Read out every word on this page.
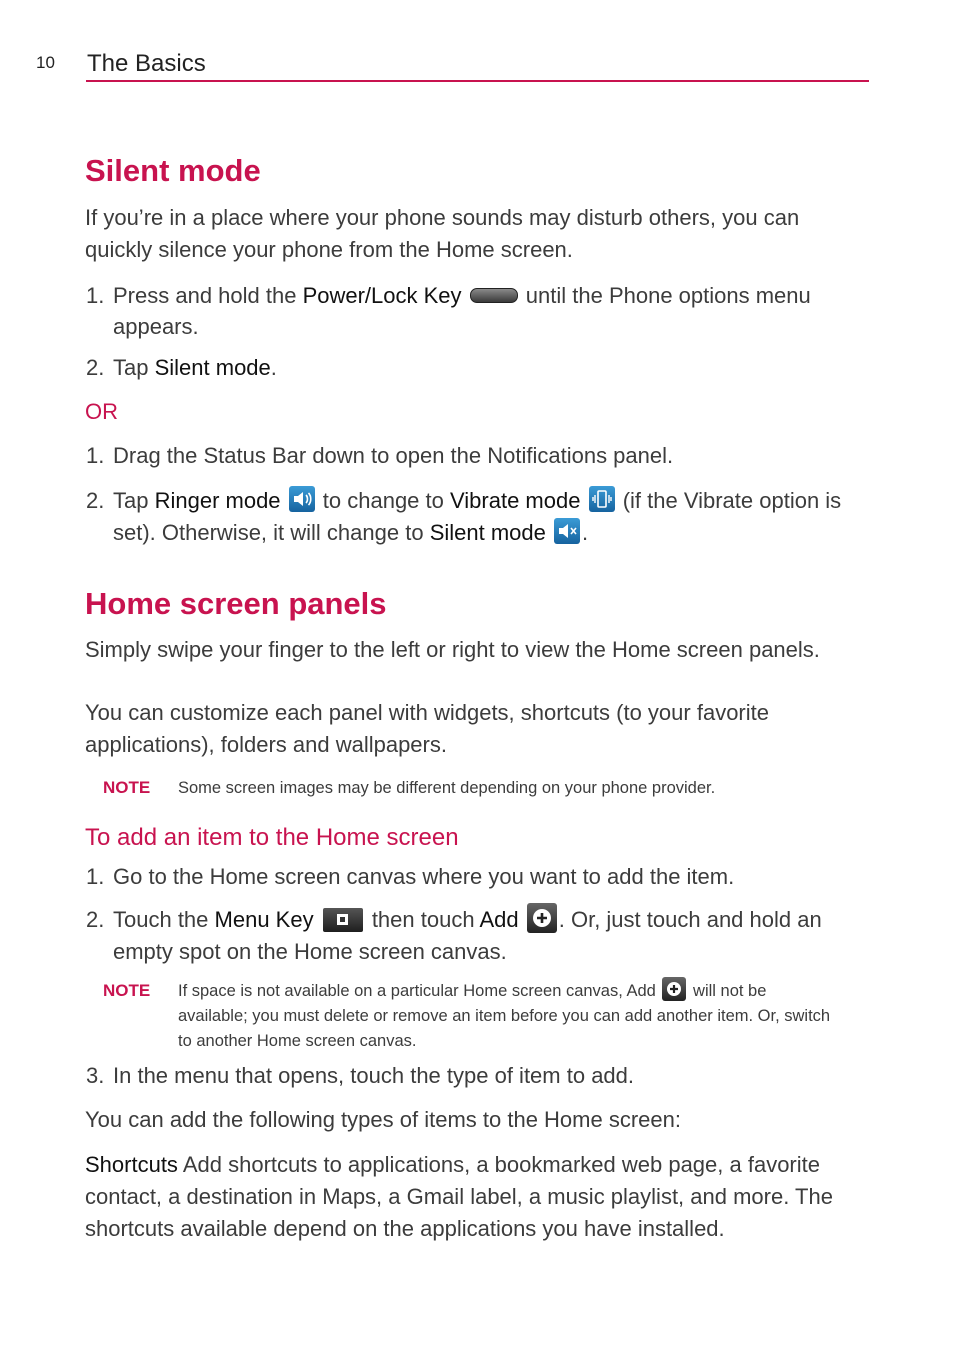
10 The Basics
Silent mode

If you’re in a place where your phone sounds may disturb others, you can quickly silence your phone from the Home screen.

1. Press and hold the Power/Lock Key	until the Phone options menu appears.
2. Tap Silent mode.
OR
1. Drag the Status Bar down to open the Notifications panel.
2. Tap Ringer mode
to change to Vibrate mode
(if the Vibrate option is set). Otherwise, it will change to Silent mode .
Home screen panels

Simply swipe your finger to the left or right to view the Home screen panels.

You can customize each panel with widgets, shortcuts (to your favorite applications), folders and wallpapers.

NOTE Some screen images may be different depending on your phone provider.
To add an item to the Home screen
1. Go to the Home screen canvas where you want to add the item.
2. Touch the Menu Key
then touch Add . Or, just touch and hold an empty spot on the Home screen canvas.
NOTE If space is not available on a particular Home screen canvas, Add
will not be available; you must delete or remove an item before you can add another item. Or, switch to another Home screen canvas.
3. In the menu that opens, touch the type of item to add.

You can add the following types of items to the Home screen:

Shortcuts Add shortcuts to applications, a bookmarked web page, a favorite contact, a destination in Maps, a Gmail label, a music playlist, and more. The shortcuts available depend on the applications you have installed.
